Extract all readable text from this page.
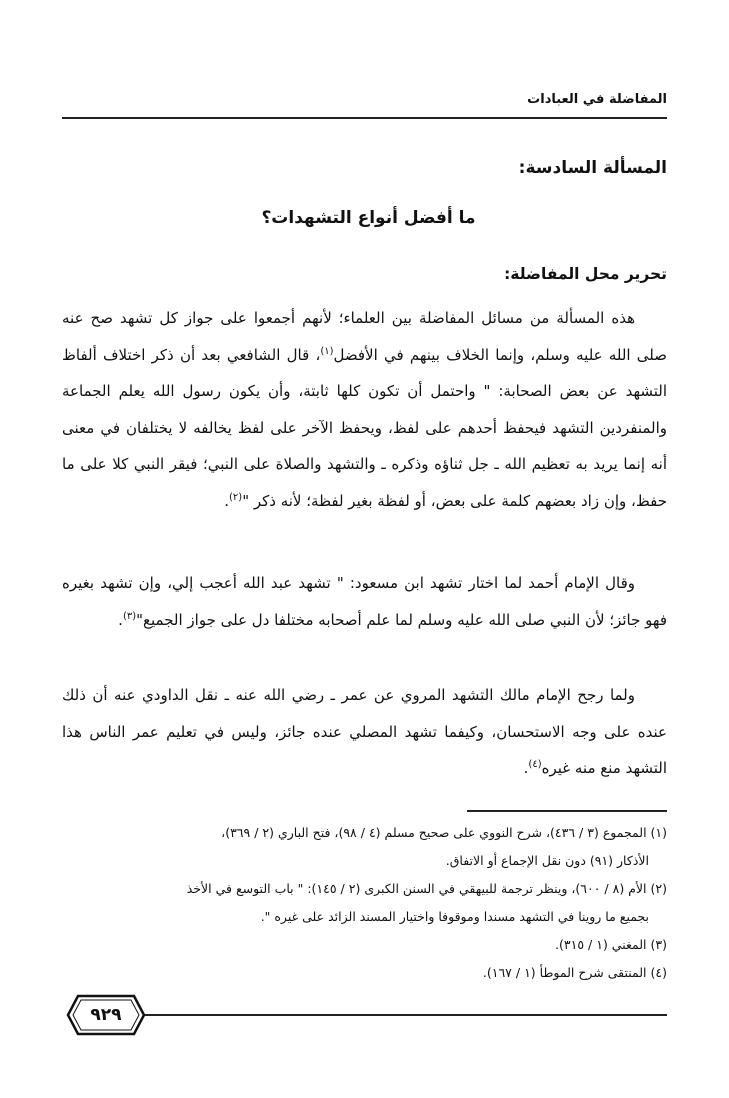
المفاضلة في العبادات
المسألة السادسة:
ما أفضل أنواع التشهدات؟
تحرير محل المفاضلة:

هذه المسألة من مسائل المفاضلة بين العلماء؛ لأنهم أجمعوا على جواز كل تشهد صح عنه صلى الله عليه وسلم، وإنما الخلاف بينهم في الأفضل$^{(١)}$، قال الشافعي بعد أن ذكر اختلاف ألفاظ التشهد عن بعض الصحابة: " واحتمل أن تكون كلها ثابتة، وأن يكون رسول الله يعلم الجماعة والمنفردين التشهد فيحفظ أحدهم على لفظ، ويحفظ الآخر على لفظ يخالفه لا يختلفان في معنى أنه إنما يريد به تعظيم الله ـ جل ثناؤه وذكره ـ والتشهد والصلاة على النبي؛ فيقر النبي كلا على ما حفظ، وإن زاد بعضهم كلمة على بعض، أو لفظة بغير لفظة؛ لأنه ذكر "$^{(٢)}$.

وقال الإمام أحمد لما اختار تشهد ابن مسعود: " تشهد عبد الله أعجب إلي، وإن تشهد بغيره فهو جائز؛ لأن النبي صلى الله عليه وسلم لما علم أصحابه مختلفا دل على جواز الجميع"$^{(٣)}$.

ولما رجح الإمام مالك التشهد المروي عن عمر ـ رضي الله عنه ـ نقل الداودي عنه أن ذلك عنده على وجه الاستحسان، وكيفما تشهد المصلي عنده جائز، وليس في تعليم عمر الناس هذا التشهد منع منه غيره$^{(٤)}$.

(١) المجموع (٣ / ٤٣٦)، شرح النووي على صحيح مسلم (٤ / ٩٨)، فتح الباري (٢ / ٣٦٩)،

الأذكار (٩١) دون نقل الإجماع أو الاتفاق.

(٢) الأم (٨ / ٦٠٠)، وينظر ترجمة للبيهقي في السنن الكبرى (٢ / ١٤٥): " باب التوسع في الأخذ

بجميع ما روينا في التشهد مسندا وموقوفا واختيار المسند الزائد على غيره ".

(٣) المغني (١ / ٣١٥).

(٤) المنتقى شرح الموطأ (١ / ١٦٧).

٩٢٩
